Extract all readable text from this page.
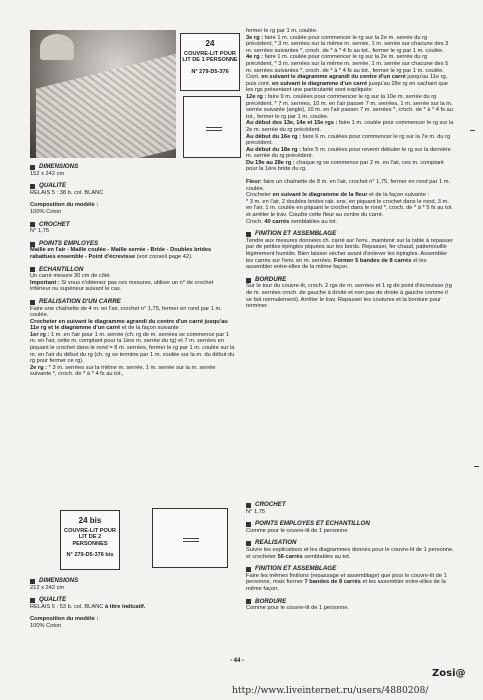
24
COUVRE-LIT POUR LIT DE 1 PERSONNE
N° 279-D5-376
DIMENSIONS

152 x 242 cm

QUALITE

RELAIS 5 : 38 b. col. BLANC

Composition du modèle :

100% Coton

CROCHET

N° 1,75

POINTS EMPLOYES

Maille en l'air - Maille coulée - Maille serrée - Bride - Doubles brides rabattues ensemble - Point d'écrevisse (voir conseil page 42).

ECHANTILLON

Un carré mesure 30 cm de côté.

Important : Si vous n'obtenez pas ces mesures, utiliser un n° de crochet inférieur ou supérieur suivant le cas.

REALISATION D'UN CARRE

Faire une chaînette de 4 m. en l'air, crochet n° 1,75, fermer en rond par 1 m. coulée.

Crocheter en suivant le diagramme agrandi du centre d'un carré jusqu'au 11e rg et le diagramme d'un carré et de la façon suivante :

1er rg : 1 m. en l'air pour 1 m. serrée (ch. rg de m. serrées se commence par 1 m. en l'air, cette m. comptant pour la 1ère m. serrée du rg) et 7 m. serrées en piquant le crochet dans le rond = 8 m. serrées, fermer le rg par 1 m. coulée sur la m. en l'air du début du rg (ch. rg se termine par 1 m. coulée sur la m. du début du rg pour fermer ce rg).

2e rg : * 3 m. serrées sur la même m. serrée, 1 m. serrée sur la m. serrée suivante *, croch. de * à * 4 fs au tot.,

fermer le rg par 1 m. coulée.

3e rg : faire 1 m. coulée pour commencer le rg sur la 2e m. serrée du rg précédent, * 3 m. serrées sur la même m. serrée, 1 m. serrée sur chacune des 3 m. serrées suivantes *, croch. de * à * 4 fs au tot., fermer le rg par 1 m. coulée.

4e rg : faire 1 m. coulée pour commencer le rg sur la 2e m. serrée du rg précédent, * 3 m. serrées sur la même m. serrée, 1 m. serrée sur chacune des 5 m. serrées suivantes *, croch. de * à * 4 fs au tot., fermer le rg par 1 m. coulée.

Cont. en suivant le diagramme agrandi du centre d'un carré jusqu'au 11e rg, puis cont. en suivant le diagramme d'un carré jusqu'au 28e rg en sachant que les rgs présentant une particularité sont expliqués:

12e rg : faire 9 m. coulées pour commencer le rg sur la 10e m. serrée du rg précédent, * 7 m. serrées, 10 m. en l'air passer 7 m. serrées, 1 m. serrée sur la m. serrée suivante (angle), 10 m. en l'air passer 7 m. serrées *, croch. de * à * 4 fs au tot., fermer le rg par 1 m. coulée.

Au début des 13e, 14e et 15e rgs : faire 1 m. coulée pour commencer le rg sur la 2e m. serrée du rg précédent.

Au début du 16e rg : faire 6 m. coulées pour commencer le rg sur la 7e m. du rg précédent.

Au début du 18e rg : faire 5 m. coulées pour revenir débuter le rg sur la dernière m. serrée du rg précédent.

Du 19e au 28e rg : chaque rg se commence par 2 m. en l'air, ces m. comptant pour la 1ère bride du rg.

Fleur: faire un chaînette de 8 m. en l'air, crochet n° 1,75, fermer en rond par 1 m. coulée.

Crocheter en suivant le diagramme de la fleur et de la façon suivante :

* 3 m. en l'air, 2 doubles brides rab. ens. en piquant le crochet dans le rond, 3 m. en l'air, 1 m. coulée en piquant le crochet dans le rond *, croch. de * à * 5 fs au tot. et arrêter le trav. Coudre cette fleur au centre du carré.

Croch. 40 carrés semblables au tot.

FINITION ET ASSEMBLAGE

Tendre aux mesures données ch. carré sur l'env., maintenir sur la table à repasser par de petites épingles piquées sur les bords. Repasser, fer chaud, pattemouille légèrement humide. Bien laisser sécher avant d'enlever les épingles. Assembler les carrés sur l'env. en m. serrées. Former 5 bandes de 8 carrés et les assembler entre-elles de la même façon.

BORDURE

Sur le tour du couvre-lit, croch. 2 rgs de m. serrées et 1 rg de point d'écrevisse (rg de m. serrées croch. de gauche à droite et non pas de droite à gauche comme il se fait normalement). Arrêter le trav. Repasser les coutures et la bordure pour terminer.

24 bis
COUVRE-LIT POUR LIT DE 2 PERSONNES
N° 279-D5-376 bis
DIMENSIONS

212 x 242 cm

QUALITE

RELAIS 5 : 53 b. col. BLANC à titre indicatif.

Composition du modèle :

100% Coton

CROCHET

N° 1,75

POINTS EMPLOYES ET ECHANTILLON

Comme pour le couvre-lit de 1 personne

REALISATION

Suivre les explications et les diagrammes donnés pour le couvre-lit de 1 personne, et crocheter 56 carrés semblables au tot.

FINITION ET ASSEMBLAGE

Faire les mêmes finitions (repassage et assemblage) que pour le couvre-lit de 1 personne, mais former 7 bandes de 8 carrés et les assembler entre-elles de la même façon.

BORDURE

Comme pour le couvre-lit de 1 personne.

- 44 -
Zosi@
http://www.liveinternet.ru/users/4880208/
